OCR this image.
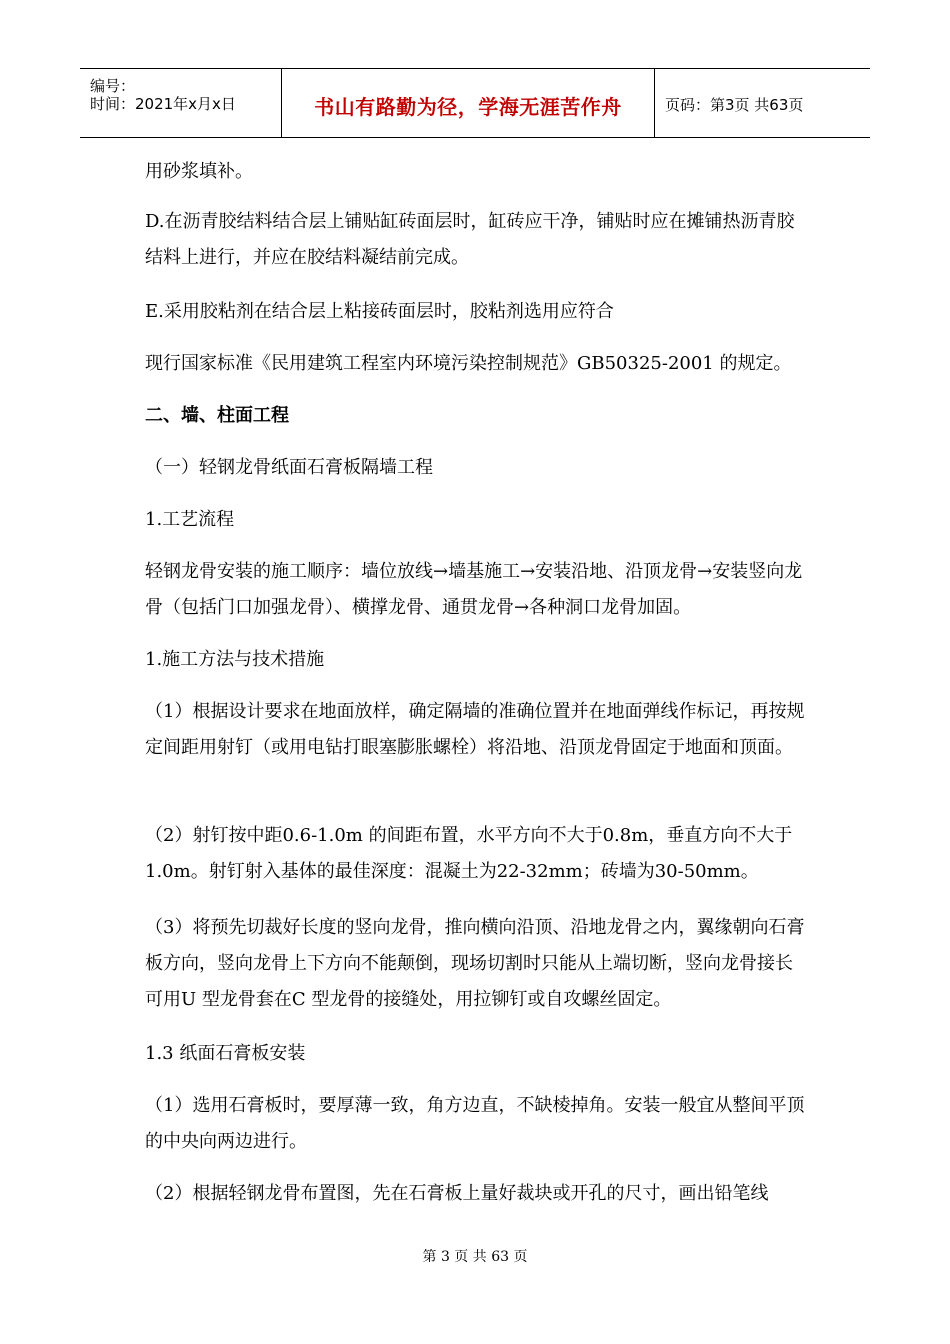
编号：
时间：2021年x月x日	书山有路勤为径，学海无涯苦作舟	页码：第3页 共63页

用砂浆填补。

D.在沥青胶结料结合层上铺贴缸砖面层时，缸砖应干净，铺贴时应在摊铺热沥青胶结料上进行，并应在胶结料凝结前完成。

E.采用胶粘剂在结合层上粘接砖面层时，胶粘剂选用应符合

现行国家标准《民用建筑工程室内环境污染控制规范》GB50325-2001 的规定。

二、墙、柱面工程

（一）轻钢龙骨纸面石膏板隔墙工程

1.工艺流程

轻钢龙骨安装的施工顺序：墙位放线→墙基施工→安装沿地、沿顶龙骨→安装竖向龙骨（包括门口加强龙骨）、横撑龙骨、通贯龙骨→各种洞口龙骨加固。

1.施工方法与技术措施

（1）根据设计要求在地面放样，确定隔墙的准确位置并在地面弹线作标记，再按规定间距用射钉（或用电钻打眼塞膨胀螺栓）将沿地、沿顶龙骨固定于地面和顶面。

（2）射钉按中距0.6-1.0m 的间距布置，水平方向不大于0.8m，垂直方向不大于1.0m。射钉射入基体的最佳深度：混凝土为22-32mm；砖墙为30-50mm。

（3）将预先切裁好长度的竖向龙骨，推向横向沿顶、沿地龙骨之内，翼缘朝向石膏板方向，竖向龙骨上下方向不能颠倒，现场切割时只能从上端切断，竖向龙骨接长可用U 型龙骨套在C 型龙骨的接缝处，用拉铆钉或自攻螺丝固定。

1.3 纸面石膏板安装

（1）选用石膏板时，要厚薄一致，角方边直，不缺棱掉角。安装一般宜从整间平顶的中央向两边进行。

（2）根据轻钢龙骨布置图，先在石膏板上量好裁块或开孔的尺寸，画出铅笔线

第 3 页 共 63 页
